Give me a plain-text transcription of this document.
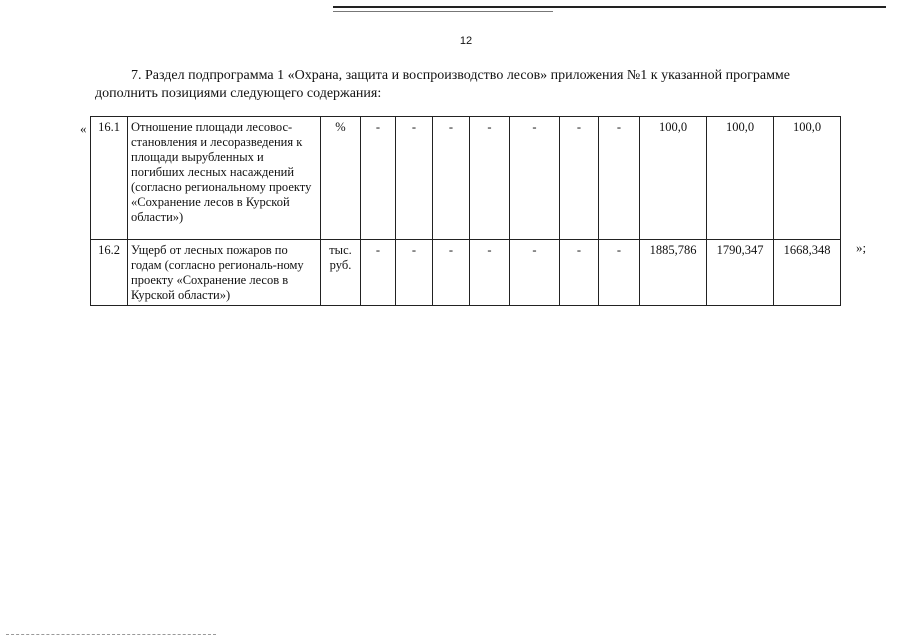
12
7. Раздел подпрограмма 1 «Охрана, защита и воспроизводство лесов» приложения №1 к указанной программе
дополнить позициями следующего содержания:
«
»;
16.1	Отношение площади лесовос-становления и лесоразведения к площади вырубленных и погибших лесных насаждений (согласно региональному проекту «Сохранение лесов в Курской области»)	%	-	-	-	-	-	-	-	100,0	100,0	100,0
16.2	Ущерб от лесных пожаров по годам (согласно региональ-ному проекту «Сохранение лесов в Курской области»)	тыс. руб.	-	-	-	-	-	-	-	1885,786	1790,347	1668,348
